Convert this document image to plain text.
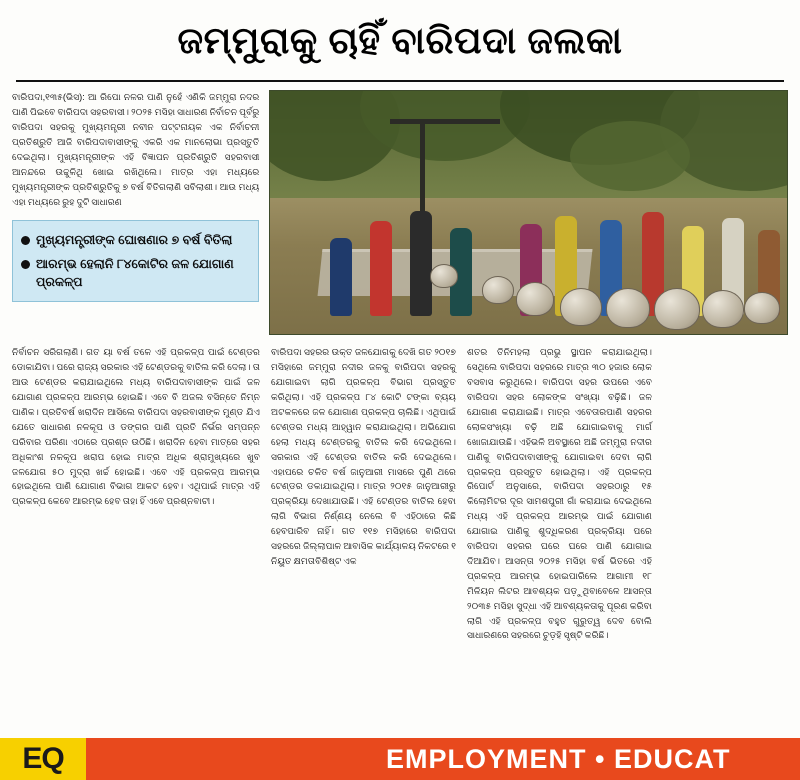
ଜମ୍ମୁରାକୁ ଚାହିଁ ବାରିପଦା ଜଲକା
ବାରିପଦା,୧୩୫(ଭିସ): ଆ ରିପୋ ନଳର ପାଣି ନୁହେଁ ଏଣିକି ଜମ୍ମୁରା ନଦର ପାଣି ପିଇବେ ବାରିପଦା ସହରବାସୀ। ୨୦୨୫ ମସିହା ସାଧାରଣ ନିର୍ବାଚନ ପୂର୍ବରୁ ବାରିପଦା ସହରକୁ ମୁଖ୍ୟମନ୍ତ୍ରୀ ନବୀନ ପଟ୍ଟନାୟକ ଏକ ନିର୍ବାଚନୀ ପ୍ରତିଶ୍ରୁତି ଆଜି ବାରିପଦାବାସୀଙ୍କୁ ଏକରି ଏକ ମାନଲୋଭା ପ୍ରସ୍ତୁତି ଦେଇଥିଲା। ମୁଖ୍ୟମନ୍ତ୍ରୀଙ୍କ ଏହି ବିଜ୍ଞାପନ ପ୍ରତିଶ୍ରୁତି ସହରବାସୀ ଆନନ୍ଦରେ ଉଚ୍ଚୁଳିଥି ଖୋଇ ରଖିଥିଲେ। ମାତ୍ର ଏହା ମଧ୍ୟରେ ମୁଖ୍ୟମନ୍ତ୍ରୀଙ୍କ ପ୍ରତିଶ୍ରୁତିକୁ ୭ ବର୍ଷ ବିତିଗଲାଣି ସବିଲାଶୀ। ଆଉ ମଧ୍ୟ ଏହା ମଧ୍ୟରେ ରୁହ ଦୁଟି ସାଧାରଣ
ମୁଖ୍ୟମନ୍ତ୍ରୀଙ୍କ ଘୋଷଣାର ୭ ବର୍ଷ ବିତିଲା
ଆରମ୍ଭ ହେଲାନି ୮୪କୋଟିର ଜଳ ଯୋଗାଣ ପ୍ରକଳ୍ପ
ନିର୍ବାଚନ ସରିଗଲାଣି। ଗତ ୟା ବର୍ଷ ତଳେ ଏହି ପ୍ରକଳ୍ପ ପାଇଁ ଟେଣ୍ଡର ଡୋକାଯିବା। ପରେ ରାଜ୍ୟ ସରକାର ଏହି ଟେଣ୍ଡରକୁ ବାତିଲ କରି ଦେଲା। ତା ଆଉ ଟେଣ୍ଡର କରାଯାଇଥିଲେ ମଧ୍ୟ ବାରିପଦାବାସୀଙ୍କ ପାଇଁ ଜଳ ଯୋଗାଣ ପ୍ରକଳ୍ପ ଆରମ୍ଭ ହୋଇଛି। ଏବେ ବି ଅଜଲ ବସିନ୍ତେ ନିମ୍ନ ପାଣିକ। ପ୍ରତିବର୍ଷ ଖରାଦିନ ଆସିଲେ ବାରିପଦା ସହରବାସୀଙ୍କ ମୁଣ୍ଡ ଯିଏ ଯେତେ ସାଧାରଣ ନଳକୂପ ଓ ଡଙ୍ଗର ପାଣି ପ୍ରତି ନିର୍ଭର ସମ୍ପନ୍ନ ପରିବାର ପରିଣା ଏଠାରେ ପ୍ରଶ୍ନ ଉଠିଛି। ଖରାଦିନ ହେବା ମାତ୍ରେ ସହର ଅଧିକାଂଶ ନଳକୂପ ଖରାପ ହୋଇ ମାତ୍ର ଅଧିକ ଶ୍ରାମୁଖ୍ୟରେ ଖୁବ ଜଳଯୋଗ ୫୦ ମୁଦ୍ରା ଖର୍ଚ୍ଚ ହୋଇଛି। ଏବେ ଏହି ପ୍ରକଳ୍ପ ଆରମ୍ଭ ହୋଇଥିଲେ ପାଣି ଯୋଗାଣ ବିଭାଗ ଆକଟ ହେବ। ଏଥିପାଇଁ ମାତ୍ର ଏହି ପ୍ରକଳ୍ପ କେବେ ଆରମ୍ଭ ହେବ ତାହା ହିଁ ଏବେ ପ୍ରଶ୍ନବାଚୀ।
ବାରିପଦା ସହରର ଉକ୍ତ ଜଳଯୋଗକୁ ଦେଖି ଗତ ୨୦୧୭ ମସିହାରେ ଜମ୍ମୁରା ନଦୀର ଜଳକୁ ବାରିପଦା ସହରକୁ ଯୋଗାଇବା ଲାଗି ପ୍ରକଳ୍ପ ବିଭାଗ ପ୍ରସ୍ତୁତ କରିଥିଲା। ଏହି ପ୍ରକଳ୍ପ ୮୪ କୋଟି ଟଙ୍କା ବ୍ୟୟ ଅଟକଳରେ ଜଳ ଯୋଗାଣ ପ୍ରକଳ୍ପ ଚାଲିଛି। ଏଥିପାଇଁ ଟେଣ୍ଡର ମଧ୍ୟ ଆହ୍ୱାନ କରାଯାଇଥିଲା। ଅଭିଯୋଗ ହେଲା ମଧ୍ୟ ଟେଣ୍ଡରକୁ ବାତିଲ କରି ଦେଇଥିଲେ। ସରକାର ଏହି ଟେଣ୍ଡର ବାତିଲ କରି ଦେଇଥିଲେ। ଏହାପରେ ଚଳିତ ବର୍ଷ ଜାନୁଆରୀ ମାସରେ ପୁଣି ଥରେ ଟେଣ୍ଡର ଡକାଯାଇଥିଲା। ମାତ୍ର ୨୦୧୫ ଜାନୁଆରୀରୁ ପ୍ରକ୍ରିୟା ଦେଖାଯାଉଛି। ଏହି ଟେଣ୍ଡର ବାତିଲ ହେବା ଲାଗି ବିଭାଗ ନିର୍ଣ୍ଣୟ ନେଲେ ବି ଏହିଠାରେ କିଛି ହେବପାରିବ ନାହିଁ। ଗତ ୧୧୭ ମସିହାରେ ବାରିପଦା ସହରରେ ଜିଲ୍ଲାପାଳ ଆବାସିକ କାର୍ଯ୍ୟାଳୟ ନିକଟରେ ୧ ନିୟୁତ କ୍ଷମତାବିଶିଷ୍ଟ ଏକ
ଶତର ତିନିମହଲା ପ୍ରଭୁ ସ୍ଥାପନ କରାଯାଇଥିଲା। ସେଥିଲେ ବାରିପଦା ସହରରେ ମାତ୍ର ୩୦ ହଜାର ଲୋକ ବସବାସ କରୁଥିଲେ। ବାରିପଦା ସହର ଉପରେ ଏବେ ବାରିପଦା ସହର ଲୋକଙ୍କ ସଂଖ୍ୟା ବଢ଼ିଛି। ଜଳ ଯୋଗାଣ କରାଯାଇଛି। ମାତ୍ର ଏବେତାରପାଣି ସହରର ଲୋକସଂଖ୍ୟା ବଢ଼ି ଅଛି ଯୋଗାଇବାକୁ ମାର୍ଗ ଖୋଜାଯାଉଛି। ଏହିଭଳି ଅବସ୍ଥାରେ ଅଛି ଜମ୍ମୁରା ନଦୀର ପାଣିକୁ ବାରିପଦାବାସୀଙ୍କୁ ଯୋଗାଇବା ଦେବା ଲାଗି ପ୍ରକଳ୍ପ ପ୍ରସ୍ତୁତ ହୋଇଥିଲା। ଏହି ପ୍ରକଳ୍ପ ରିପୋର୍ଟ ଅନୁସାରେ, ବାରିପଦା ସହରଠାରୁ ୧୫ କିଲୋମିଟର ଦୂର ସାମଶପୁରୀ ଗାଁ କରାଯାଇ ଦେଇଥିଲେ ମଧ୍ୟ ଏହି ପ୍ରକଳ୍ପ ଆରମ୍ଭ ପାଇଁ ଯୋଗାଣ ଯୋଗାଇ ପାଣିକୁ ଶୁଦ୍ଧିକରଣ ପ୍ରକ୍ରିୟା ପରେ ବାରିପଦା ସହରର ଘରେ ଘରେ ପାଣି ଯୋଗାଇ ଦିଆଯିବ। ଆସନ୍ତା ୨୦୨୫ ମସିହା ବର୍ଷ ଭିତରେ ଏହି ପ୍ରକଳ୍ପ ଆରମ୍ଭ ହୋଇପାରିଲେ ଆଗାମୀ ୧୮ ମିଳିୟନ ଲିଟର ଆବଶ୍ୟକ ପଡ଼ୁଥିବାବେଳେ ଆସନ୍ତା ୨୦୩୫ ମସିହା ସୁଦ୍ଧା ଏହି ଆବଶ୍ୟକତାକୁ ପୂରଣ କରିବା ଲାଗି ଏହି ପ୍ରକଳ୍ପ ବହୁତ ଗୁରୁତ୍ୱ ଦେବ ବୋଲି ସାଧାରଣରେ ସହରରେ ଚୁଡ଼ହି ସୃଷ୍ଟି କରିଛି।
EQ	EMPLOYMENT • EDUCAT
